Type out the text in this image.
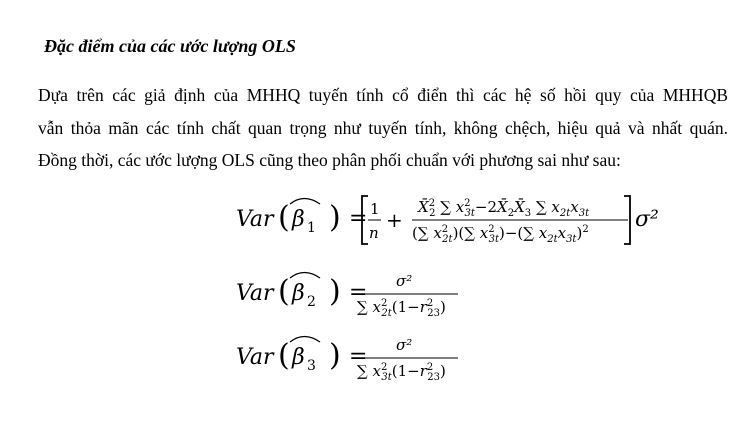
Đặc điểm của các ước lượng OLS
Dựa trên các giả định của MHHQ tuyến tính cổ điển thì các hệ số hồi quy của MHHQB
vẫn thỏa mãn các tính chất quan trọng như tuyến tính, không chệch, hiệu quả và nhất quán.
Đồng thời, các ước lượng OLS cũng theo phân phối chuẩn với phương sai như sau:
Var ( )
β 1 = 1
n
+
X̄$^2$ 2 ∑ $x^2$ $3t-2X̄_2X̄_3$ ∑ $x_{2t}x_{3t}$
(∑ $x^2$ 2t)(∑ $x^2$ 3t)−(∑ $x_{2t}x_{3t})^2$ σ²
Var ( )
β 2 = σ²
∑ $x^2$ $2t(1-r^2$ 23)
Var ( )
β 3 = σ²
∑ $x^2$ $3t(1-r^2$ 23)
